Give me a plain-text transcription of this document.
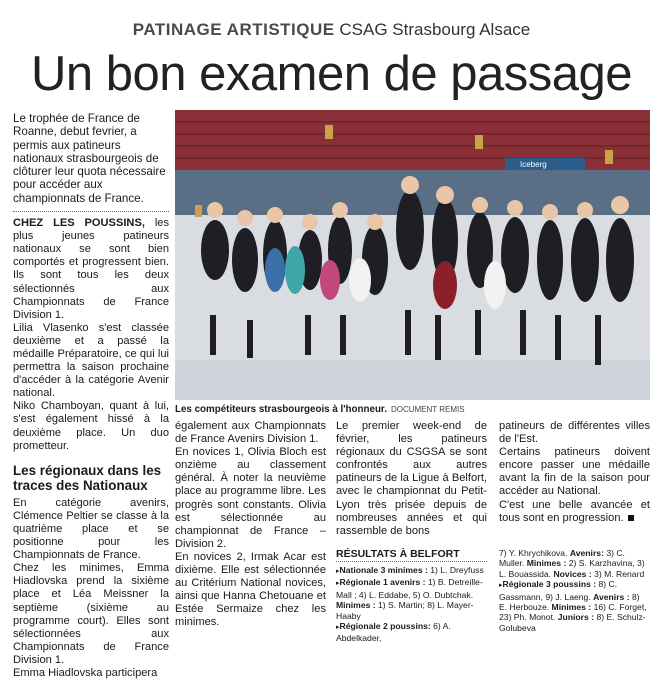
PATINAGE ARTISTIQUE CSAG Strasbourg Alsace
Un bon examen de passage

Le trophée de France de Roanne, debut fevrier, a permis aux patineurs nationaux strasbourgeois de clôturer leur quota nécessaire pour accéder aux championnats de France.

CHEZ LES POUSSINS, les plus jeunes patineurs nationaux se sont bien comportés et progressent bien. Ils sont tous les deux sélectionnés aux Championnats de France Division 1.

Lilia Vlasenko s'est classée deuxième et a passé la médaille Préparatoire, ce qui lui permettra la saison prochaine d'accéder à la catégorie Avenir national.

Niko Chamboyan, quant à lui, s'est également hissé à la deuxième place. Un duo prometteur.

Les régionaux dans les traces des Nationaux

En catégorie avenirs, Clémence Peltier se classe à la quatrième place et se positionne pour les Championnats de France.

Chez les minimes, Emma Hiadlovska prend la sixième place et Léa Meissner la septième (sixième au programme court). Elles sont sélectionnées aux Championnats de France Division 1.

Emma Hiadlovska participera

Iceberg
Les compétiteurs strasbourgeois à l'honneur. DOCUMENT REMIS

également aux Championnats de France Avenirs Division 1.

En novices 1, Olivia Bloch est onzième au classement général. À noter la neuvième place au programme libre. Les progrès sont constants. Olivia est sélectionnée au championnat de France – Division 2.

En novices 2, Irmak Acar est dixième. Elle est sélectionnée au Critérium National novices, ainsi que Hanna Chetouane et Estée Sermaize chez les minimes.

Le premier week-end de février, les patineurs régionaux du CSGSA se sont confrontés aux autres patineurs de la Ligue à Belfort, avec le championnat du Petit-Lyon très prisée depuis de nombreuses années et qui rassemble de bons

patineurs de différentes villes de l'Est.

Certains patineurs doivent encore passer une médaille avant la fin de la saison pour accéder au National.

C'est une belle avancée et tous sont en progression.

RÉSULTATS À BELFORT
▸ Nationale 3 minimes : 1) L. Dreyfuss
▸ Régionale 1 avenirs : 1) B. Detreille-Mall ; 4) L. Eddabe, 5) O. Dubtchak. Minimes : 1) S. Martin; 8) L. Mayer-Haaby
▸ Régionale 2 poussins: 6) A. Abdelkader,
7) Y. Khrychikova. Avenirs: 3) C. Muller. Minimes : 2) S. Karzhavina, 3) L. Bouassida. Novices : 3) M. Renard
▸ Régionale 3 poussins : 8) C. Gassmann, 9) J. Laeng. Avenirs : 8) E. Herbouze. Minimes : 16) C. Forget, 23) Ph. Monot. Juniors : 8) E. Schulz-Golubeva
